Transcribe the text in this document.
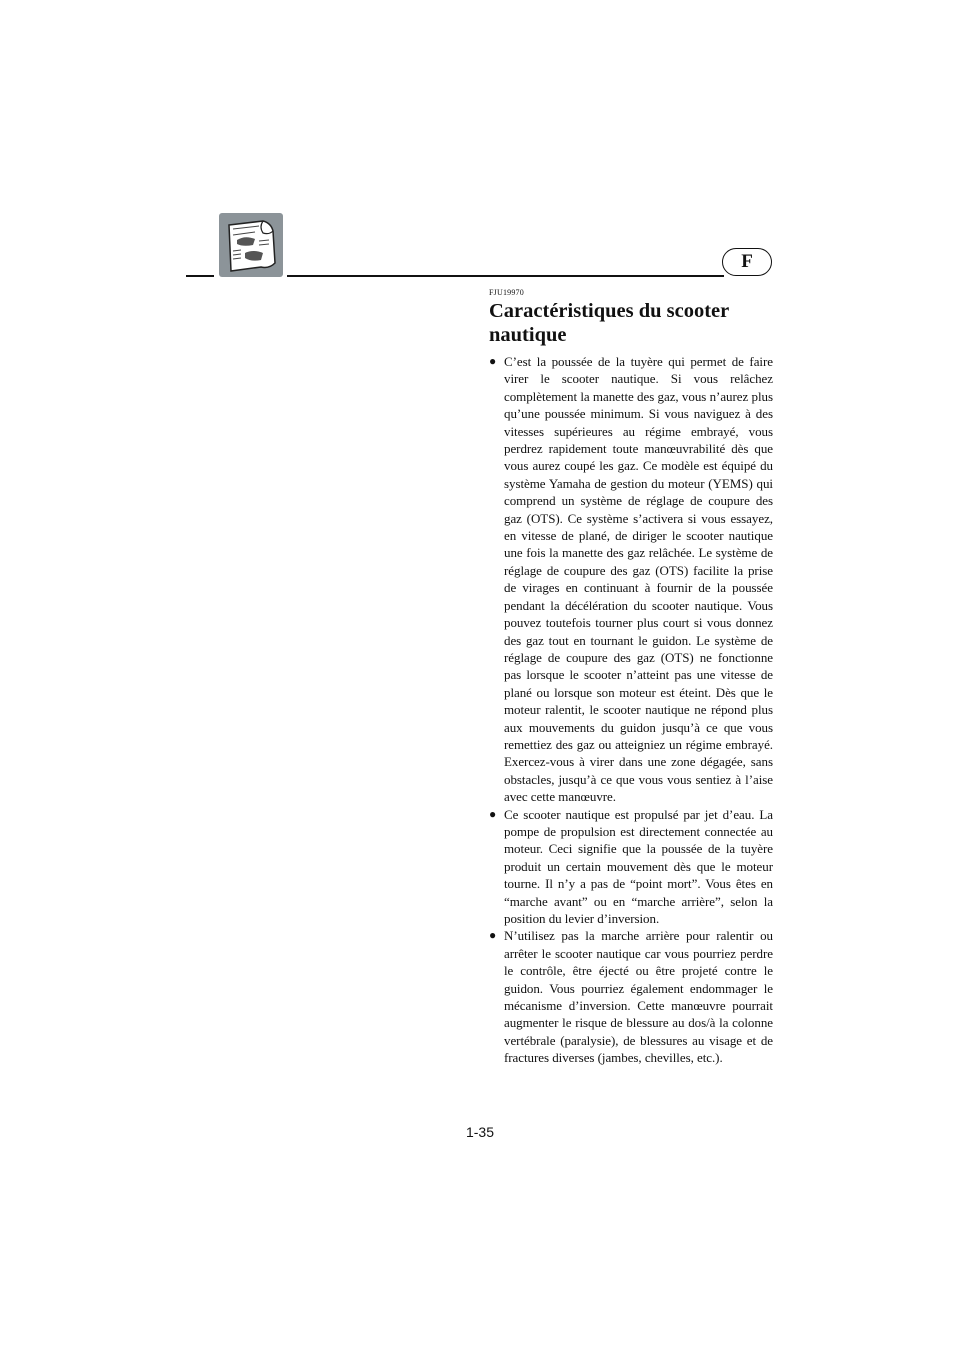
F
FJU19970
Caractéristiques du scooter nautique
● C’est la poussée de la tuyère qui permet de faire virer le scooter nautique. Si vous relâchez complètement la manette des gaz, vous n’aurez plus qu’une poussée minimum. Si vous naviguez à des vitesses supérieures au régime embrayé, vous perdrez rapidement toute manœuvrabilité dès que vous aurez coupé les gaz. Ce modèle est équipé du système Yamaha de gestion du moteur (YEMS) qui comprend un système de réglage de coupure des gaz (OTS). Ce système s’activera si vous essayez, en vitesse de plané, de diriger le scooter nautique une fois la manette des gaz relâchée. Le système de réglage de coupure des gaz (OTS) facilite la prise de virages en continuant à fournir de la poussée pendant la décélération du scooter nautique. Vous pouvez toutefois tourner plus court si vous donnez des gaz tout en tournant le guidon. Le système de réglage de coupure des gaz (OTS) ne fonctionne pas lorsque le scooter n’atteint pas une vitesse de plané ou lorsque son moteur est éteint. Dès que le moteur ralentit, le scooter nautique ne répond plus aux mouvements du guidon jusqu’à ce que vous remettiez des gaz ou atteigniez un régime embrayé. Exercez-vous à virer dans une zone dégagée, sans obstacles, jusqu’à ce que vous vous sentiez à l’aise avec cette manœuvre.
● Ce scooter nautique est propulsé par jet d’eau. La pompe de propulsion est directement connectée au moteur. Ceci signifie que la poussée de la tuyère produit un certain mouvement dès que le moteur tourne. Il n’y a pas de “point mort”. Vous êtes en “marche avant” ou en “marche arrière”, selon la position du levier d’inversion.
● N’utilisez pas la marche arrière pour ralentir ou arrêter le scooter nautique car vous pourriez perdre le contrôle, être éjecté ou être projeté contre le guidon. Vous pourriez également endommager le mécanisme d’inversion. Cette manœuvre pourrait augmenter le risque de blessure au dos/à la colonne vertébrale (paralysie), de blessures au visage et de fractures diverses (jambes, chevilles, etc.).
1-35
